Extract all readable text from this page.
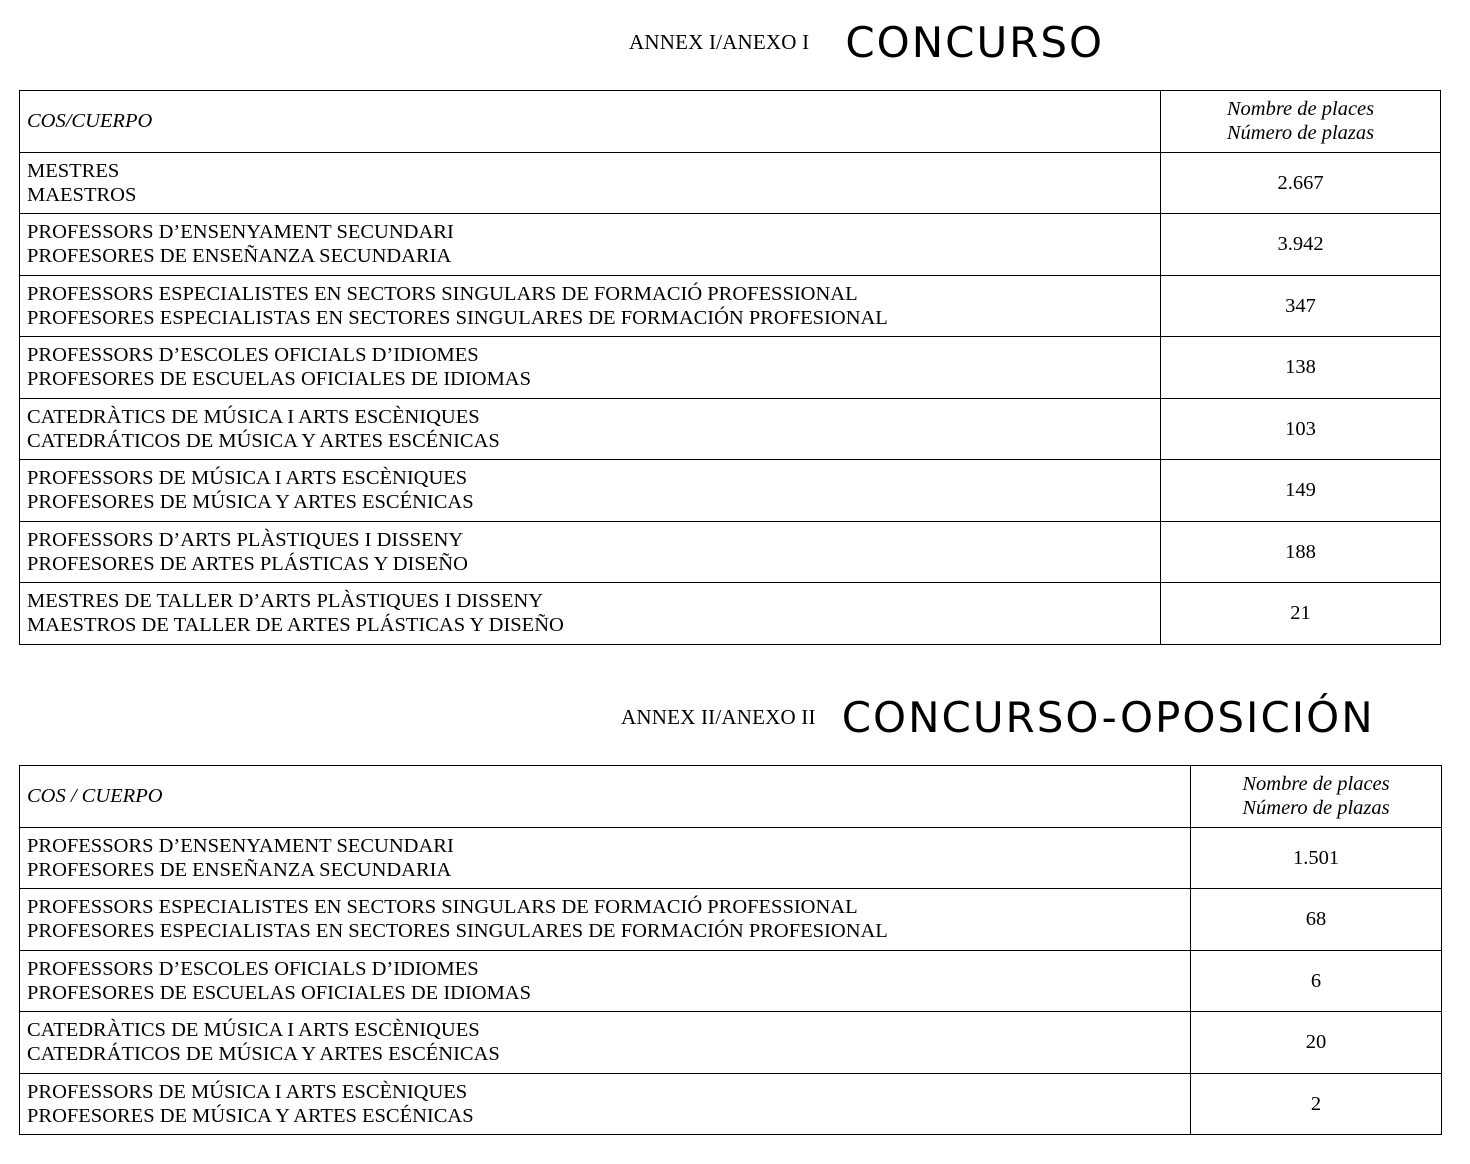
ANNEX I/ANEXO I CONCURSO
COS/CUERPO	Nombre de places
Número de plazas

MESTRES
MAESTROS	2.667

PROFESSORS D’ENSENYAMENT SECUNDARI
PROFESORES DE ENSEÑANZA SECUNDARIA	3.942

PROFESSORS ESPECIALISTES EN SECTORS SINGULARS DE FORMACIÓ PROFESSIONAL
PROFESORES ESPECIALISTAS EN SECTORES SINGULARES DE FORMACIÓN PROFESIONAL	347

PROFESSORS D’ESCOLES OFICIALS D’IDIOMES
PROFESORES DE ESCUELAS OFICIALES DE IDIOMAS	138

CATEDRÀTICS DE MÚSICA I ARTS ESCÈNIQUES
CATEDRÁTICOS DE MÚSICA Y ARTES ESCÉNICAS	103

PROFESSORS DE MÚSICA I ARTS ESCÈNIQUES
PROFESORES DE MÚSICA Y ARTES ESCÉNICAS	149

PROFESSORS D’ARTS PLÀSTIQUES I DISSENY
PROFESORES DE ARTES PLÁSTICAS Y DISEÑO	188

MESTRES DE TALLER D’ARTS PLÀSTIQUES I DISSENY
MAESTROS DE TALLER DE ARTES PLÁSTICAS Y DISEÑO	21
ANNEX II/ANEXO II CONCURSO-OPOSICIÓN
COS / CUERPO	Nombre de places
Número de plazas

PROFESSORS D’ENSENYAMENT SECUNDARI
PROFESORES DE ENSEÑANZA SECUNDARIA	1.501

PROFESSORS ESPECIALISTES EN SECTORS SINGULARS DE FORMACIÓ PROFESSIONAL
PROFESORES ESPECIALISTAS EN SECTORES SINGULARES DE FORMACIÓN PROFESIONAL	68

PROFESSORS D’ESCOLES OFICIALS D’IDIOMES
PROFESORES DE ESCUELAS OFICIALES DE IDIOMAS	6

CATEDRÀTICS DE MÚSICA I ARTS ESCÈNIQUES
CATEDRÁTICOS DE MÚSICA Y ARTES ESCÉNICAS	20

PROFESSORS DE MÚSICA I ARTS ESCÈNIQUES
PROFESORES DE MÚSICA Y ARTES ESCÉNICAS	2
